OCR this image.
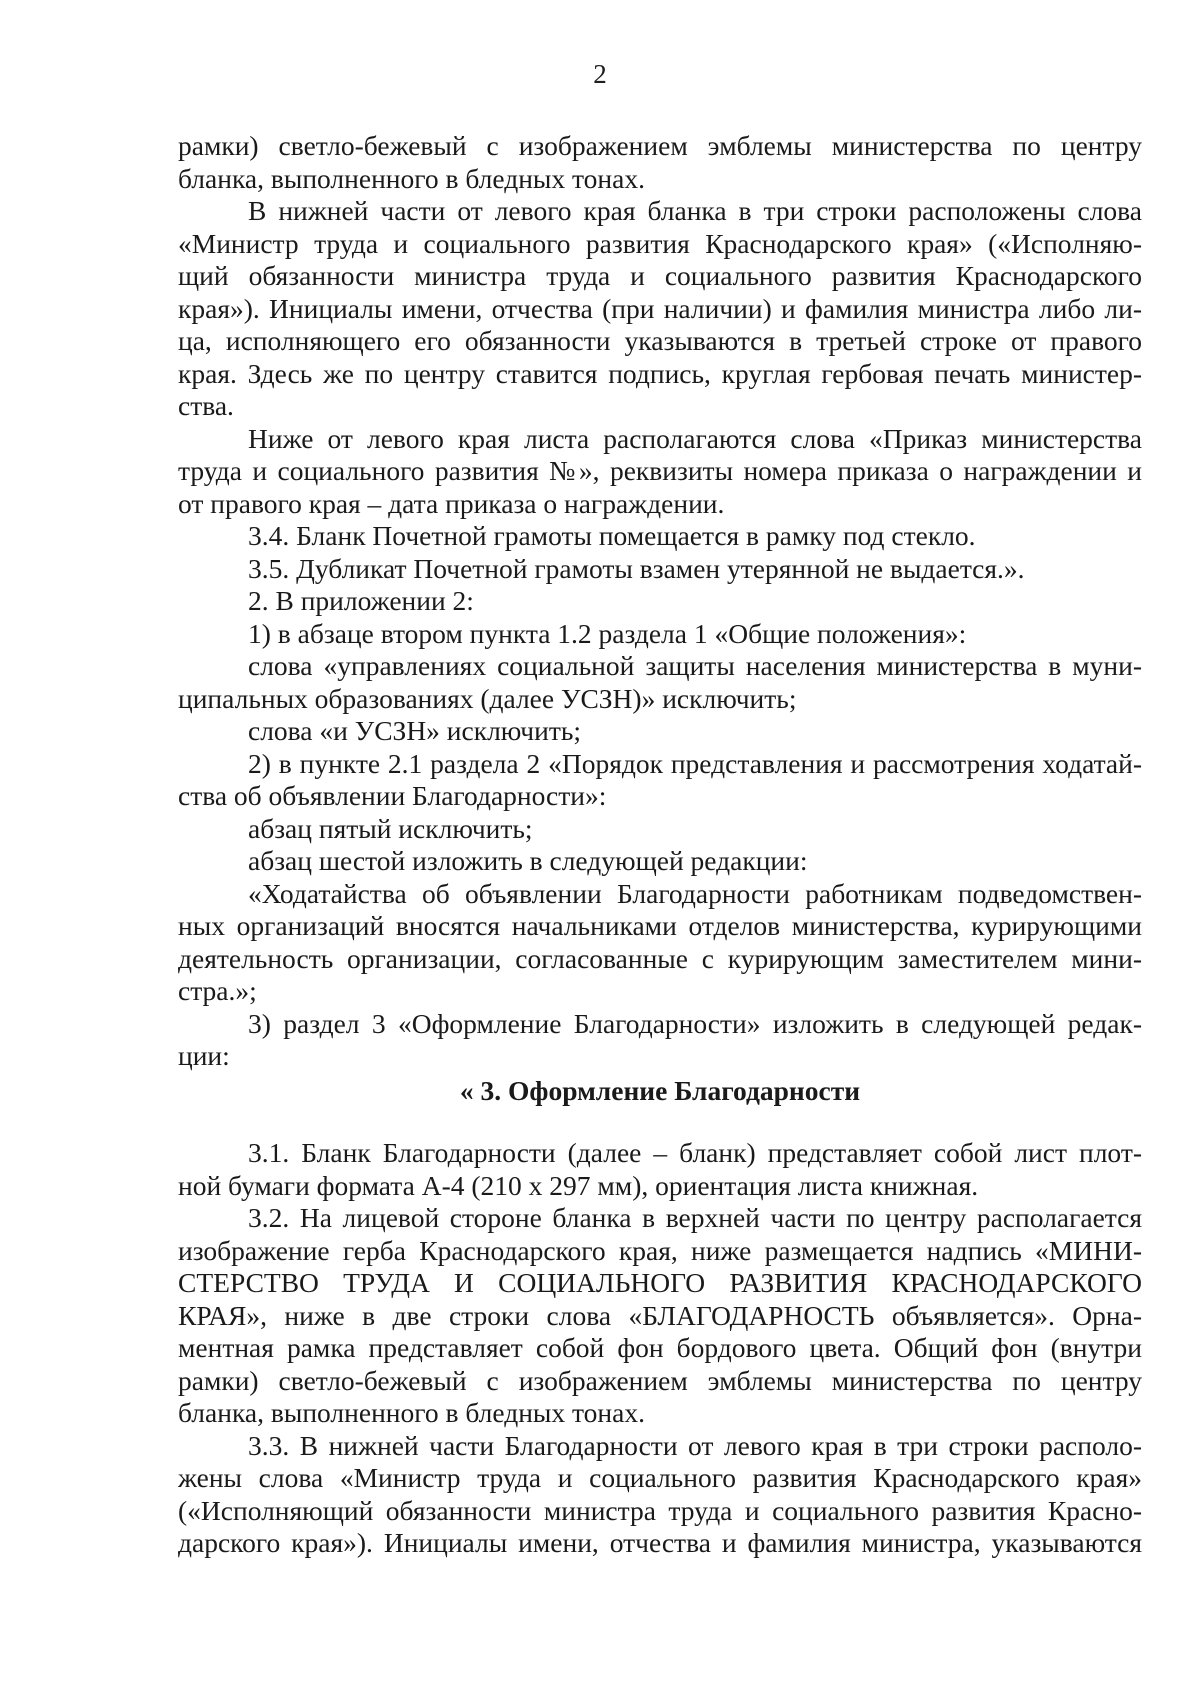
2
рамки) светло-бежевый с изображением эмблемы министерства по центру
бланка, выполненного в бледных тонах.
В нижней части от левого края бланка в три строки расположены слова
«Министр труда и социального развития Краснодарского края» («Исполняю-
щий обязанности министра труда и социального развития Краснодарского
края»). Инициалы имени, отчества (при наличии) и фамилия министра либо ли-
ца, исполняющего его обязанности указываются в третьей строке от правого
края. Здесь же по центру ставится подпись, круглая гербовая печать министер-
ства.
Ниже от левого края листа располагаются слова «Приказ министерства
труда и социального развития №», реквизиты номера приказа о награждении и
от правого края – дата приказа о награждении.
3.4. Бланк Почетной грамоты помещается в рамку под стекло.
3.5. Дубликат Почетной грамоты взамен утерянной не выдается.».
2. В приложении 2:
1) в абзаце втором пункта 1.2 раздела 1 «Общие положения»:
слова «управлениях социальной защиты населения министерства в муни-
ципальных образованиях (далее УСЗН)» исключить;
слова «и УСЗН» исключить;
2) в пункте 2.1 раздела 2 «Порядок представления и рассмотрения ходатай-
ства об объявлении Благодарности»:
абзац пятый исключить;
абзац шестой изложить в следующей редакции:
«Ходатайства об объявлении Благодарности работникам подведомствен-
ных организаций вносятся начальниками отделов министерства, курирующими
деятельность организации, согласованные с курирующим заместителем мини-
стра.»;
3) раздел 3 «Оформление Благодарности» изложить в следующей редак-
ции:
« 3. Оформление Благодарности
3.1. Бланк Благодарности (далее – бланк) представляет собой лист плот-
ной бумаги формата А-4 (210 х 297 мм), ориентация листа книжная.
3.2. На лицевой стороне бланка в верхней части по центру располагается
изображение герба Краснодарского края, ниже размещается надпись «МИНИ-
СТЕРСТВО ТРУДА И СОЦИАЛЬНОГО РАЗВИТИЯ КРАСНОДАРСКОГО
КРАЯ», ниже в две строки слова «БЛАГОДАРНОСТЬ объявляется». Орна-
ментная рамка представляет собой фон бордового цвета. Общий фон (внутри
рамки) светло-бежевый с изображением эмблемы министерства по центру
бланка, выполненного в бледных тонах.
3.3. В нижней части Благодарности от левого края в три строки располо-
жены слова «Министр труда и социального развития Краснодарского края»
(«Исполняющий обязанности министра труда и социального развития Красно-
дарского края»). Инициалы имени, отчества и фамилия министра, указываются
